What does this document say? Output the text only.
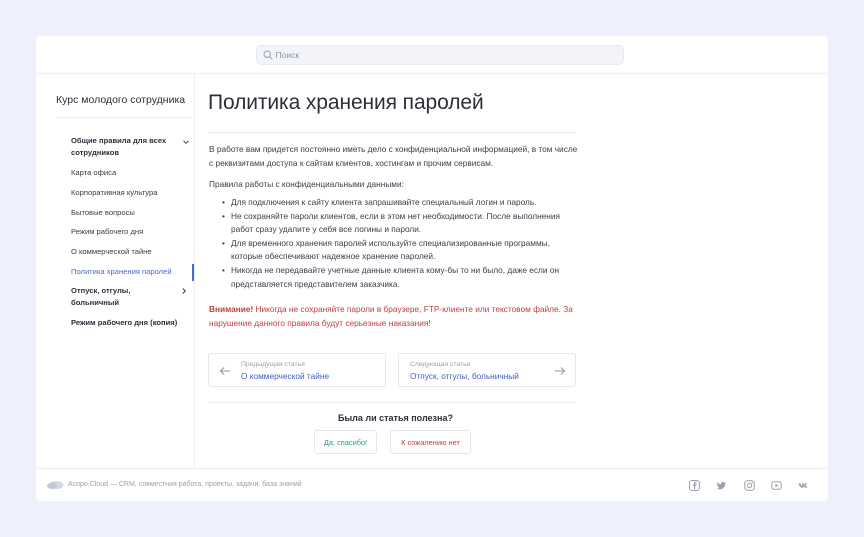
Поиск
Курс молодого сотрудника
Общие правила для всех сотрудников
Карта офиса
Корпоративная культура
Бытовые вопросы
Режим рабочего дня
О коммерческой тайне
Политика хранения паролей
Отпуск, отгулы, больничный
Режим рабочего дня (копия)
Политика хранения паролей
В работе вам придется постоянно иметь дело с конфиденциальной информацией, в том числе с реквизитами доступа к сайтам клиентов, хостингам и прочим сервисам.
Правила работы с конфиденциальными данными:
• Для подключения к сайту клиента запрашивайте специальный логин и пароль.
• Не сохраняйте пароли клиентов, если в этом нет необходимости. После выполнения работ сразу удалите у себя все логины и пароли.
• Для временного хранения паролей используйте специализированные программы, которые обеспечивают надежное хранение паролей.
• Никогда не передавайте учетные данные клиента кому-бы то ни было, даже если он представляется представителем заказчика.
Внимание! Никогда не сохраняйте пароли в браузере, FTP-клиенте или текстовом файле. За нарушение данного правила будут серьезные наказания!
Предыдущая статья
О коммерческой тайне
Следующая статья
Отпуск, отгулы, больничный
Была ли статья полезна?
Да, спасибо!	К сожалению нет
Аспро.Cloud — CRM, совместная работа, проекты, задачи, база знаний
